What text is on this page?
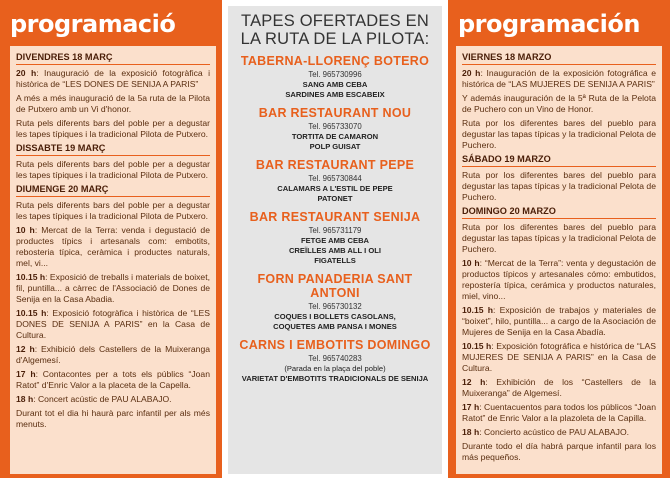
programació
DIVENDRES 18 MARÇ
20 h: Inauguració de la exposició fotogràfica i històrica de “LES DONES DE SENIJA A PARIS”
A més a més inauguració de la 5a ruta de la Pilota de Putxero amb un Vi d'honor.
Ruta pels diferents bars del poble per a degustar les tapes típiques i la tradicional Pilota de Putxero.
DISSABTE 19 MARÇ
Ruta pels diferents bars del poble per a degustar les tapes típiques i la tradicional Pilota de Putxero.
DIUMENGE 20 MARÇ
Ruta pels diferents bars del poble per a degustar les tapes típiques i la tradicional Pilota de Putxero.
10 h: Mercat de la Terra: venda i degustació de productes típics i artesanals com: embotits, rebosteria típica, ceràmica i productes naturals, mel, vi...
10.15 h: Exposició de treballs i materials de boixet, fil, puntilla... a càrrec de l'Associació de Dones de Senija en la Casa Abadia.
10.15 h: Exposició fotogràfica i històrica de “LES DONES DE SENIJA A PARIS” en la Casa de Cultura.
12 h: Exhibició dels Castellers de la Muixeranga d'Algemesí.
17 h: Contacontes per a tots els públics “Joan Ratot” d'Enric Valor a la placeta de la Capella.
18 h: Concert acústic de PAU ALABAJO.
Durant tot el dia hi haurà parc infantil per als més menuts.
TAPES OFERTADES EN
LA RUTA DE LA PILOTA:
TABERNA-LLORENÇ BOTERO
Tel. 965730996
SANG AMB CEBA
SARDINES AMB ESCABEIX
BAR RESTAURANT NOU
Tel. 965733070
TORTITA DE CAMARON
POLP GUISAT
BAR RESTAURANT PEPE
Tel. 965730844
CALAMARS A L'ESTIL DE PEPE
PATONET
BAR RESTAURANT SENIJA
Tel. 965731179
FETGE AMB CEBA
CREÏLLES AMB ALL I OLI
FIGATELLS
FORN PANADERIA SANT ANTONI
Tel. 965730132
COQUES I BOLLETS CASOLANS,
COQUETES AMB PANSA I MONES
CARNS I EMBOTITS DOMINGO
Tel. 965740283
(Parada en la plaça del poble)
VARIETAT D'EMBOTITS TRADICIONALS DE SENIJA
programación
VIERNES 18 MARZO
20 h: Inauguración de la exposición fotográfica e histórica de “LAS MUJERES DE SENIJA A PARIS”
Y además inauguración de la 5ª Ruta de la Pelota de Puchero con un Vino de Honor.
Ruta por los diferentes bares del pueblo para degustar las tapas típicas y la tradicional Pelota de Puchero.
SÁBADO 19 MARZO
Ruta por los diferentes bares del pueblo para degustar las tapas típicas y la tradicional Pelota de Puchero.
DOMINGO 20 MARZO
Ruta por los diferentes bares del pueblo para degustar las tapas típicas y la tradicional Pelota de Puchero.
10 h: “Mercat de la Terra”: venta y degustación de productos típicos y artesanales cómo: embutidos, repostería típica, cerámica y productos naturales, miel, vino...
10.15 h: Exposición de trabajos y materiales de “boixet”, hilo, puntilla... a cargo de la Asociación de Mujeres de Senija en la Casa Abadía.
10.15 h: Exposición fotográfica e histórica de “LAS MUJERES DE SENIJA A PARIS” en la Casa de Cultura.
12 h: Exhibición de los “Castellers de la Muixeranga” de Algemesí.
17 h: Cuentacuentos para todos los públicos “Joan Ratot” de Enric Valor a la plazoleta de la Capilla.
18 h: Concierto acústico de PAU ALABAJO.
Durante todo el día habrá parque infantil para los más pequeños.
